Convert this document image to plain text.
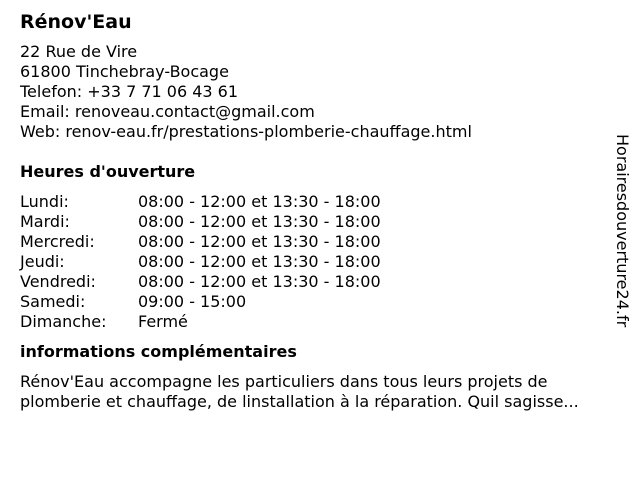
Rénov'Eau
22 Rue de Vire
61800 Tinchebray-Bocage
Telefon: +33 7 71 06 43 61
Email: renoveau.contact@gmail.com
Web: renov-eau.fr/prestations-plomberie-chauffage.html
Heures d'ouverture
Lundi:	08:00 - 12:00 et 13:30 - 18:00
Mardi:	08:00 - 12:00 et 13:30 - 18:00
Mercredi:	08:00 - 12:00 et 13:30 - 18:00
Jeudi:	08:00 - 12:00 et 13:30 - 18:00
Vendredi:	08:00 - 12:00 et 13:30 - 18:00
Samedi:	09:00 - 15:00
Dimanche:	Fermé
informations complémentaires
Rénov'Eau accompagne les particuliers dans tous leurs projets de plomberie et chauffage, de linstallation à la réparation. Quil sagisse...
Horairesdouverture24.fr
